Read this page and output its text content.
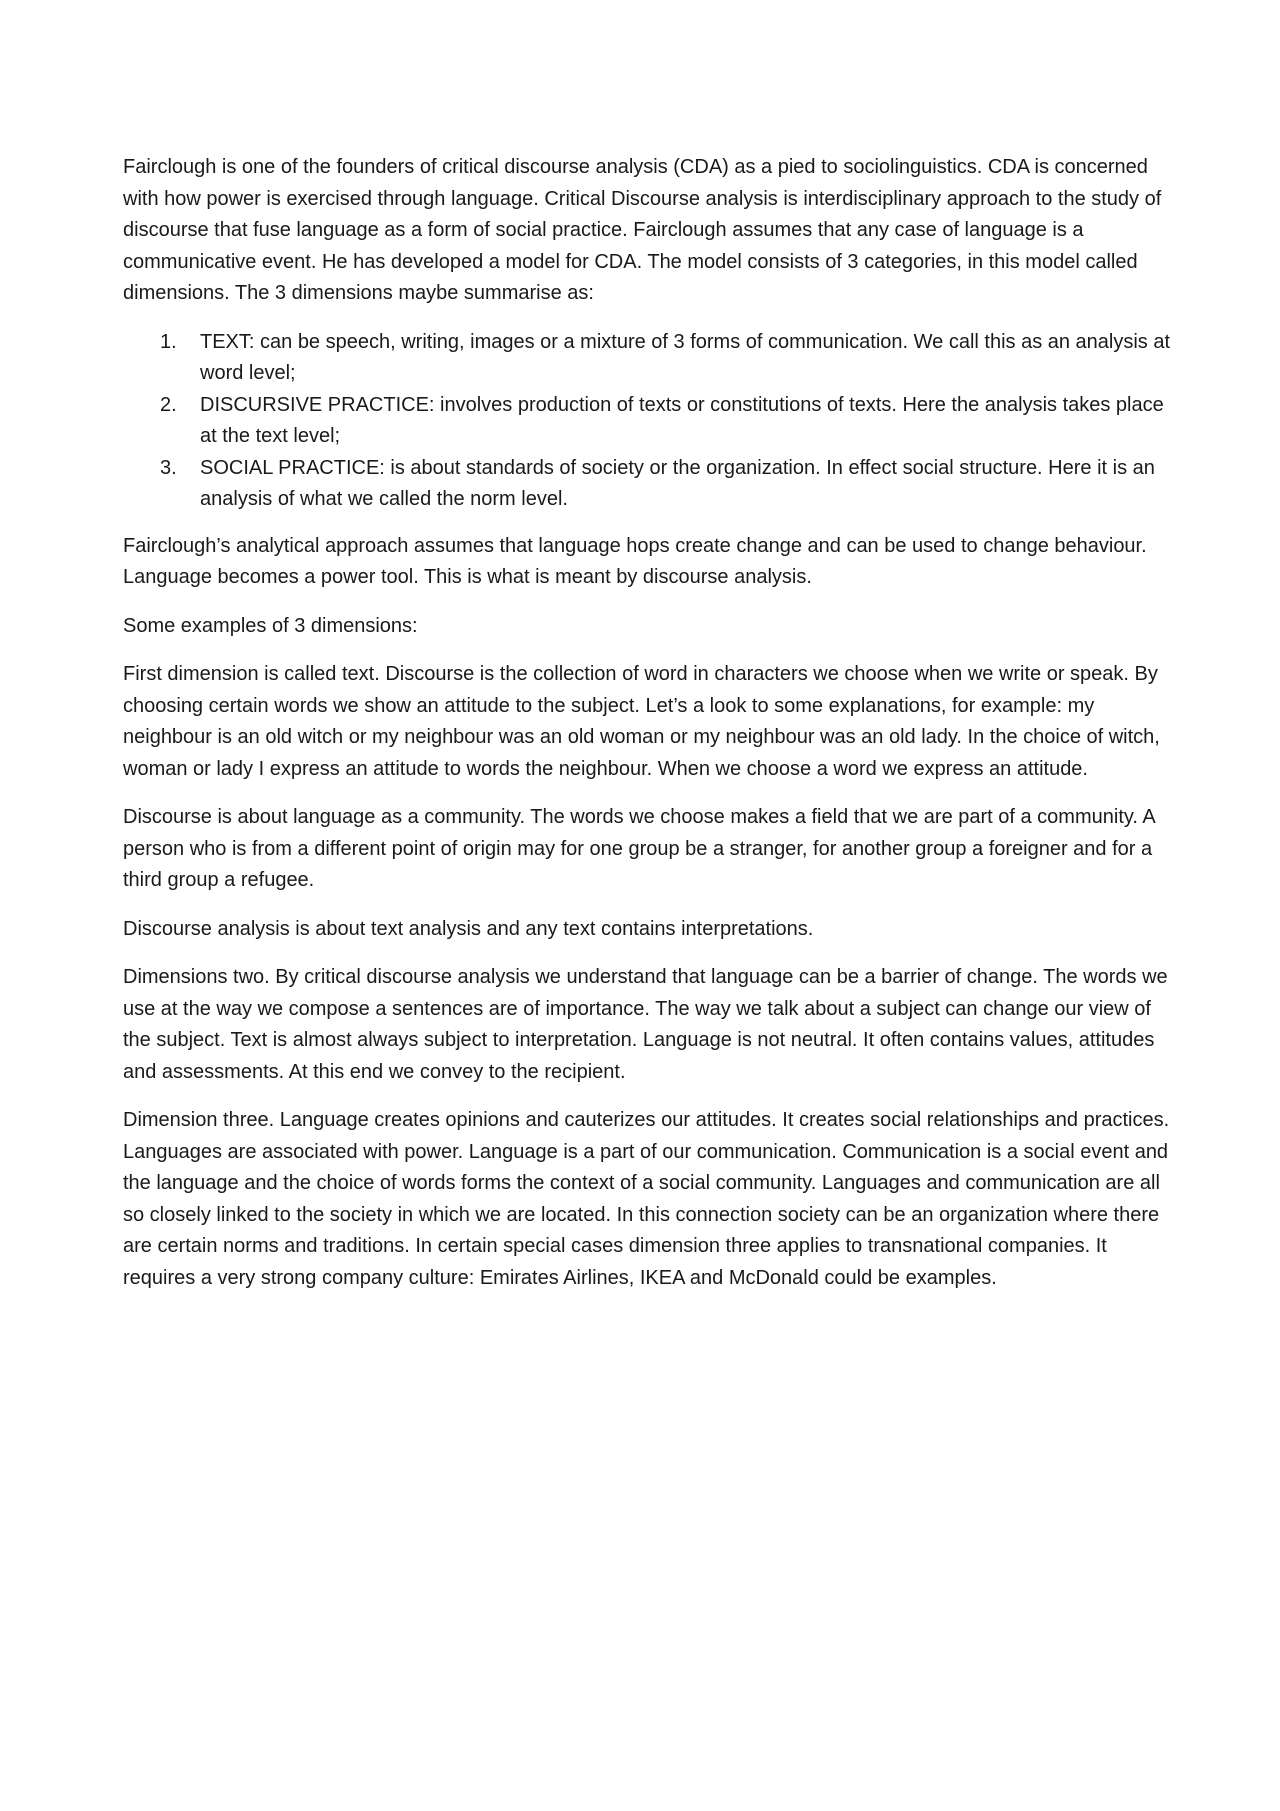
Fairclough is one of the founders of critical discourse analysis (CDA) as a pied to sociolinguistics. CDA is concerned with how power is exercised through language. Critical Discourse analysis is interdisciplinary approach to the study of discourse that fuse language as a form of social practice. Fairclough assumes that any case of language is a communicative event. He has developed a model for CDA. The model consists of 3 categories, in this model called dimensions. The 3 dimensions maybe summarise as:

1. TEXT: can be speech, writing, images or a mixture of 3 forms of communication. We call this as an analysis at word level;
2. DISCURSIVE PRACTICE: involves production of texts or constitutions of texts. Here the analysis takes place at the text level;
3. SOCIAL PRACTICE: is about standards of society or the organization. In effect social structure. Here it is an analysis of what we called the norm level.

Fairclough’s analytical approach assumes that language hops create change and can be used to change behaviour. Language becomes a power tool. This is what is meant by discourse analysis.

Some examples of 3 dimensions:

First dimension is called text. Discourse is the collection of word in characters we choose when we write or speak. By choosing certain words we show an attitude to the subject. Let’s a look to some explanations, for example: my neighbour is an old witch or my neighbour was an old woman or my neighbour was an old lady. In the choice of witch, woman or lady I express an attitude to words the neighbour. When we choose a word we express an attitude.

Discourse is about language as a community. The words we choose makes a field that we are part of a community. A person who is from a different point of origin may for one group be a stranger, for another group a foreigner and for a third group a refugee.

Discourse analysis is about text analysis and any text contains interpretations.

Dimensions two. By critical discourse analysis we understand that language can be a barrier of change. The words we use at the way we compose a sentences are of importance. The way we talk about a subject can change our view of the subject. Text is almost always subject to interpretation. Language is not neutral. It often contains values, attitudes and assessments. At this end we convey to the recipient.

Dimension three. Language creates opinions and cauterizes our attitudes. It creates social relationships and practices. Languages are associated with power. Language is a part of our communication. Communication is a social event and the language and the choice of words forms the context of a social community. Languages and communication are all so closely linked to the society in which we are located. In this connection society can be an organization where there are certain norms and traditions. In certain special cases dimension three applies to transnational companies. It requires a very strong company culture: Emirates Airlines, IKEA and McDonald could be examples.
